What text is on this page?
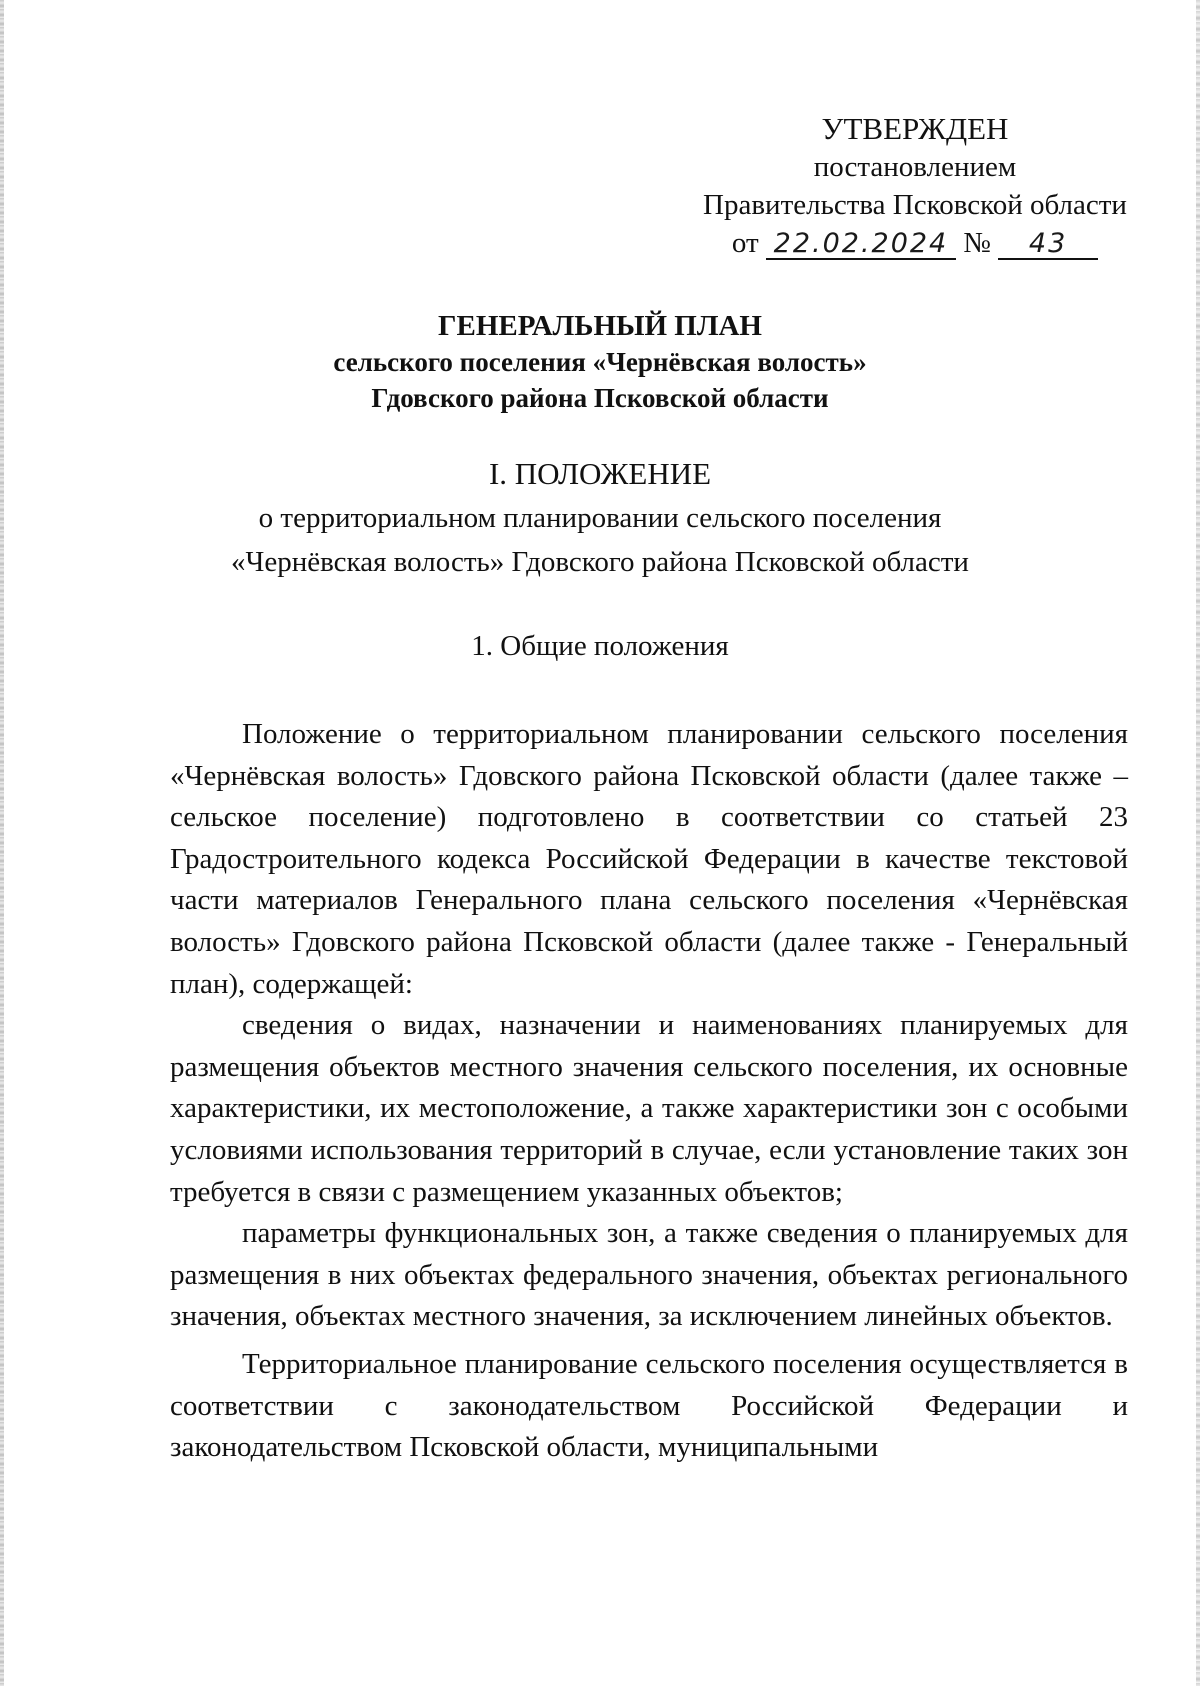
УТВЕРЖДЕН
постановлением
Правительства Псковской области
от 22.02.2024 № 43
ГЕНЕРАЛЬНЫЙ ПЛАН
сельского поселения «Чернёвская волость»
Гдовского района Псковской области
I. ПОЛОЖЕНИЕ
о территориальном планировании сельского поселения
«Чернёвская волость» Гдовского района Псковской области
1. Общие положения

Положение о территориальном планировании сельского поселения «Чернёвская волость» Гдовского района Псковской области (далее также – сельское поселение) подготовлено в соответствии со статьей 23 Градостроительного кодекса Российской Федерации в качестве текстовой части материалов Генерального плана сельского поселения «Чернёвская волость» Гдовского района Псковской области (далее также - Генеральный план), содержащей:

сведения о видах, назначении и наименованиях планируемых для размещения объектов местного значения сельского поселения, их основные характеристики, их местоположение, а также характеристики зон с особыми условиями использования территорий в случае, если установление таких зон требуется в связи с размещением указанных объектов;

параметры функциональных зон, а также сведения о планируемых для размещения в них объектах федерального значения, объектах регионального значения, объектах местного значения, за исключением линейных объектов.

Территориальное планирование сельского поселения осуществляется в соответствии с законодательством Российской Федерации и законодательством Псковской области, муниципальными
